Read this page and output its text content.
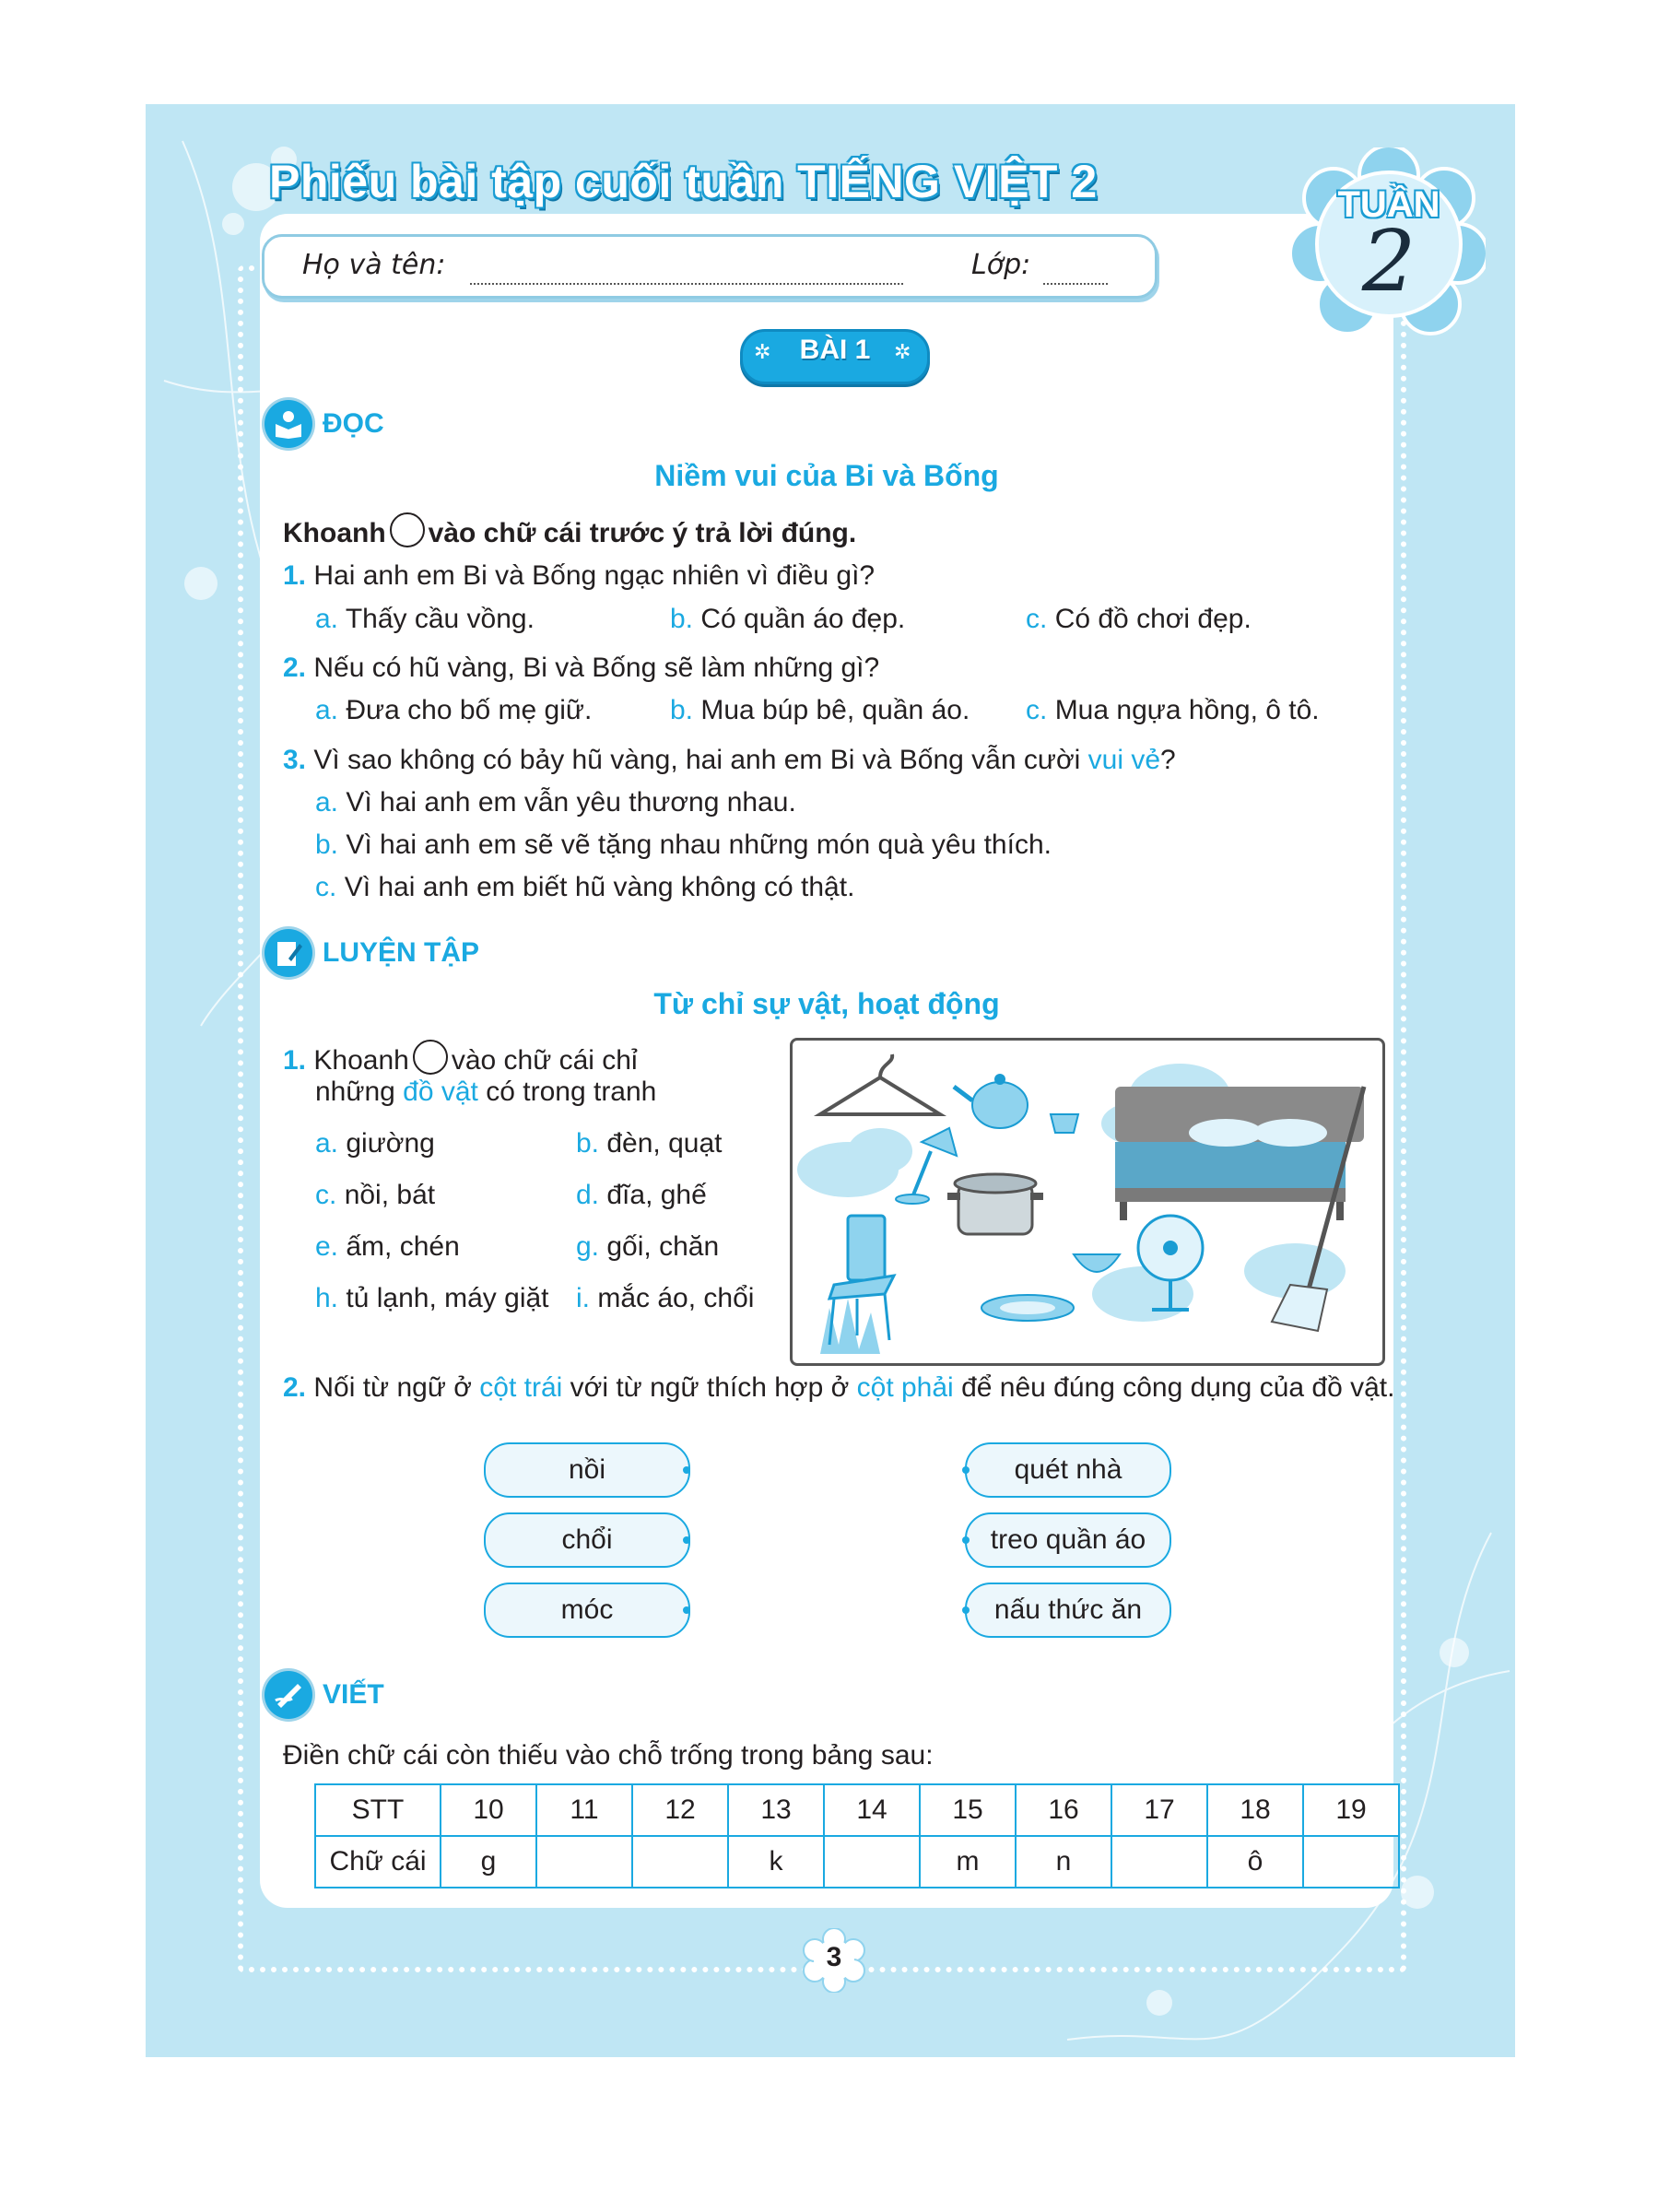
Phiếu bài tập cuối tuần TIẾNG VIỆT 2
Họ và tên:	Lớp:
TUẦN
2
✲	✲
BÀI 1
ĐỌC
Niềm vui của Bi và Bống
Khoanh vào chữ cái trước ý trả lời đúng.
1. Hai anh em Bi và Bống ngạc nhiên vì điều gì?
a. Thấy cầu vồng.	b. Có quần áo đẹp.	c. Có đồ chơi đẹp.
2. Nếu có hũ vàng, Bi và Bống sẽ làm những gì?
a. Đưa cho bố mẹ giữ.	b. Mua búp bê, quần áo. c. Mua ngựa hồng, ô tô.
3. Vì sao không có bảy hũ vàng, hai anh em Bi và Bống vẫn cười vui vẻ?
a. Vì hai anh em vẫn yêu thương nhau.
b. Vì hai anh em sẽ vẽ tặng nhau những món quà yêu thích.
c. Vì hai anh em biết hũ vàng không có thật.
LUYỆN TẬP
Từ chỉ sự vật, hoạt động
1. Khoanh vào chữ cái chỉ
những đồ vật có trong tranh
a. giường	b. đèn, quạt
c. nồi, bát	d. đĩa, ghế
e. ấm, chén	g. gối, chăn
h. tủ lạnh, máy giặt i. mắc áo, chổi
2. Nối từ ngữ ở cột trái với từ ngữ thích hợp ở cột phải để nêu đúng công dụng của đồ vật.
nồi
chổi
móc
quét nhà
treo quần áo
nấu thức ăn
VIẾT
Điền chữ cái còn thiếu vào chỗ trống trong bảng sau:
STT	10	11	12	13	14	15	16	17	18	19
Chữ cái	g			k		m	n		ô	
3
